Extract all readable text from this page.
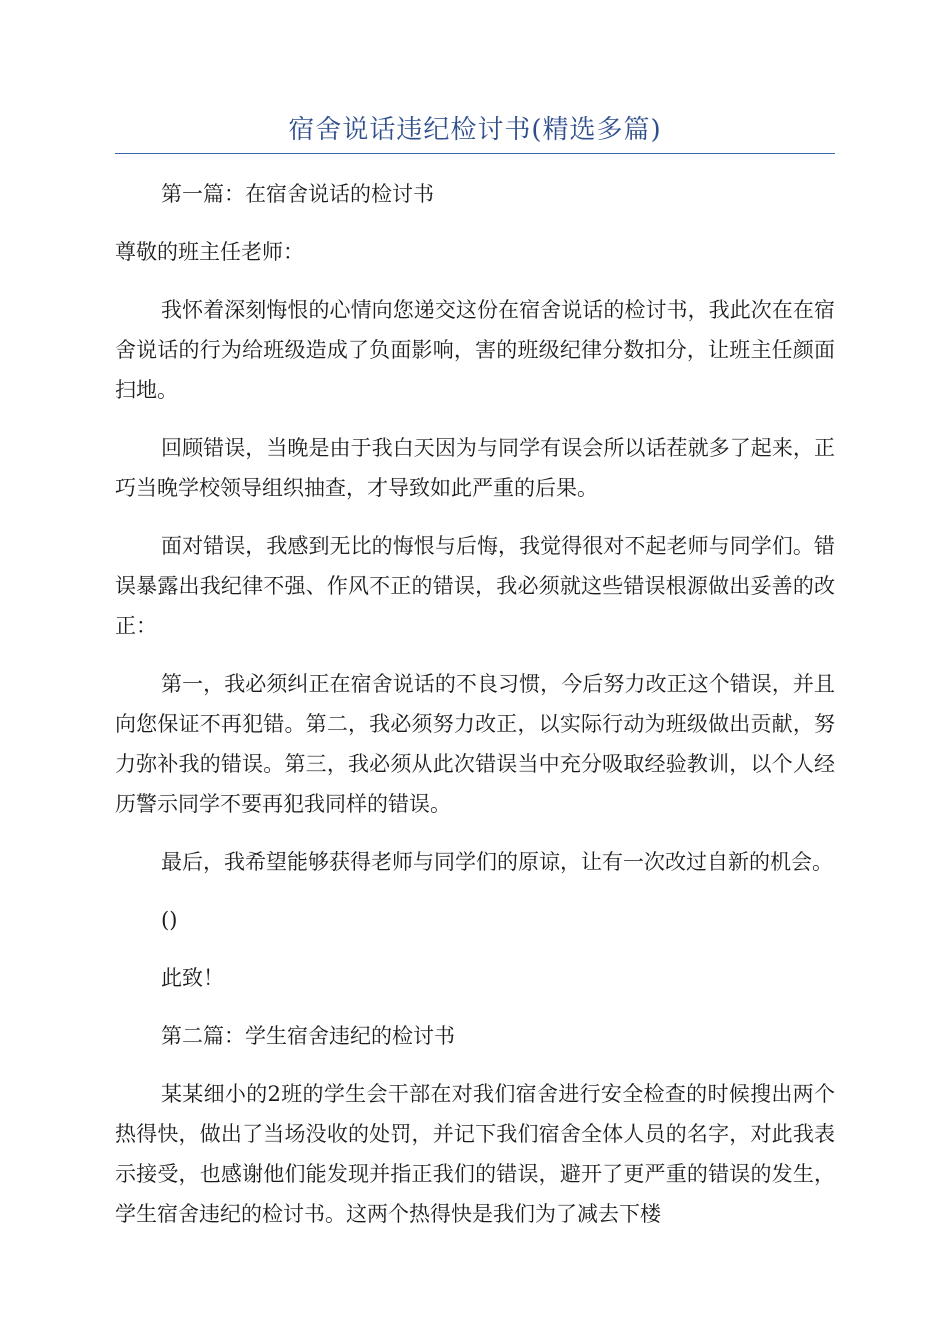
宿舍说话违纪检讨书(精选多篇)

第一篇：在宿舍说话的检讨书

尊敬的班主任老师：

我怀着深刻悔恨的心情向您递交这份在宿舍说话的检讨书，我此次在在宿舍说话的行为给班级造成了负面影响，害的班级纪律分数扣分，让班主任颜面扫地。

回顾错误，当晚是由于我白天因为与同学有误会所以话茬就多了起来，正巧当晚学校领导组织抽查，才导致如此严重的后果。

面对错误，我感到无比的悔恨与后悔，我觉得很对不起老师与同学们。错误暴露出我纪律不强、作风不正的错误，我必须就这些错误根源做出妥善的改正：

第一，我必须纠正在宿舍说话的不良习惯，今后努力改正这个错误，并且向您保证不再犯错。第二，我必须努力改正，以实际行动为班级做出贡献，努力弥补我的错误。第三，我必须从此次错误当中充分吸取经验教训，以个人经历警示同学不要再犯我同样的错误。

最后，我希望能够获得老师与同学们的原谅，让有一次改过自新的机会。

()

此致！

第二篇：学生宿舍违纪的检讨书

某某细小的2班的学生会干部在对我们宿舍进行安全检查的时候搜出两个热得快，做出了当场没收的处罚，并记下我们宿舍全体人员的名字，对此我表示接受，也感谢他们能发现并指正我们的错误，避开了更严重的错误的发生，学生宿舍违纪的检讨书。这两个热得快是我们为了减去下楼
